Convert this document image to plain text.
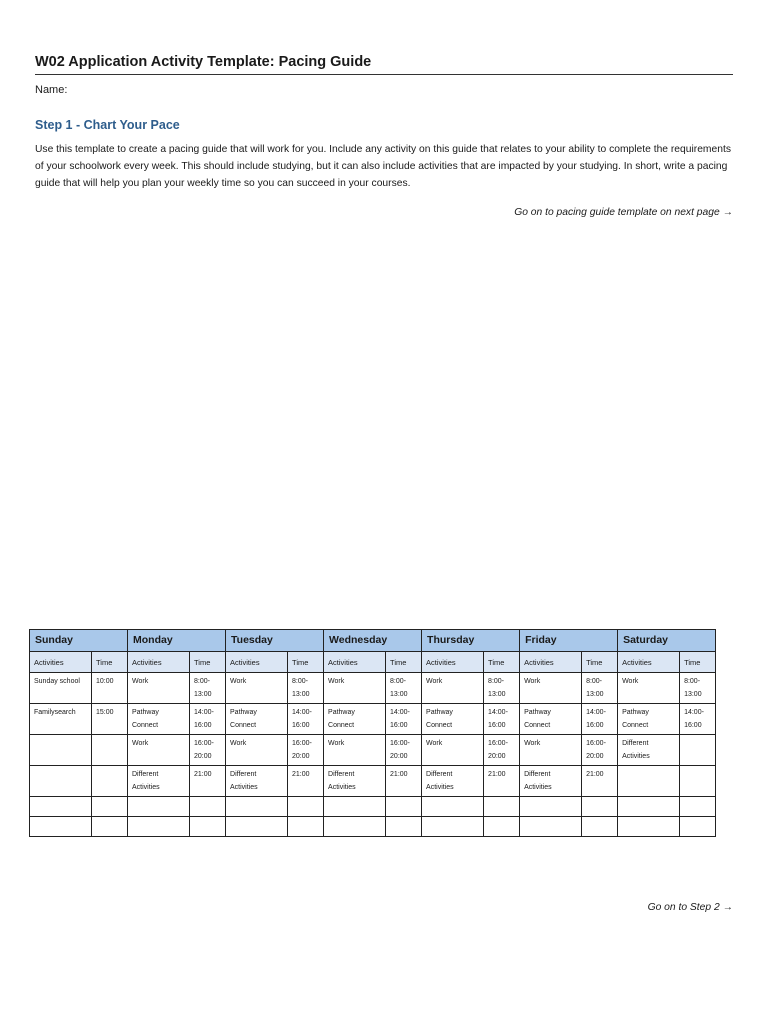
W02 Application Activity Template: Pacing Guide
Name:
Step 1 - Chart Your Pace
Use this template to create a pacing guide that will work for you. Include any activity on this guide that relates to your ability to complete the requirements of your schoolwork every week. This should include studying, but it can also include activities that are impacted by your studying. In short, write a pacing guide that will help you plan your weekly time so you can succeed in your courses.
Go on to pacing guide template on next page →
Sunday		Monday		Tuesday		Wednesday		Thursday		Friday		Saturday	
Activities	Time	Activities	Time	Activities	Time	Activities	Time	Activities	Time	Activities	Time	Activities	Time
Sunday school	10:00	Work	8:00-13:00	Work	8:00-13:00	Work	8:00-13:00	Work	8:00-13:00	Work	8:00-13:00	Work	8:00-13:00
Familysearch	15:00	Pathway Connect	14:00-16:00	Pathway Connect	14:00-16:00	Pathway Connect	14:00-16:00	Pathway Connect	14:00-16:00	Pathway Connect	14:00-16:00	Pathway Connect	14:00-16:00
		Work	16:00-20:00	Work	16:00-20:00	Work	16:00-20:00	Work	16:00-20:00	Work	16:00-20:00	Different Activities	
		Different Activities	21:00	Different Activities	21:00	Different Activities	21:00	Different Activities	21:00	Different Activities	21:00		

Go on to Step 2 →
